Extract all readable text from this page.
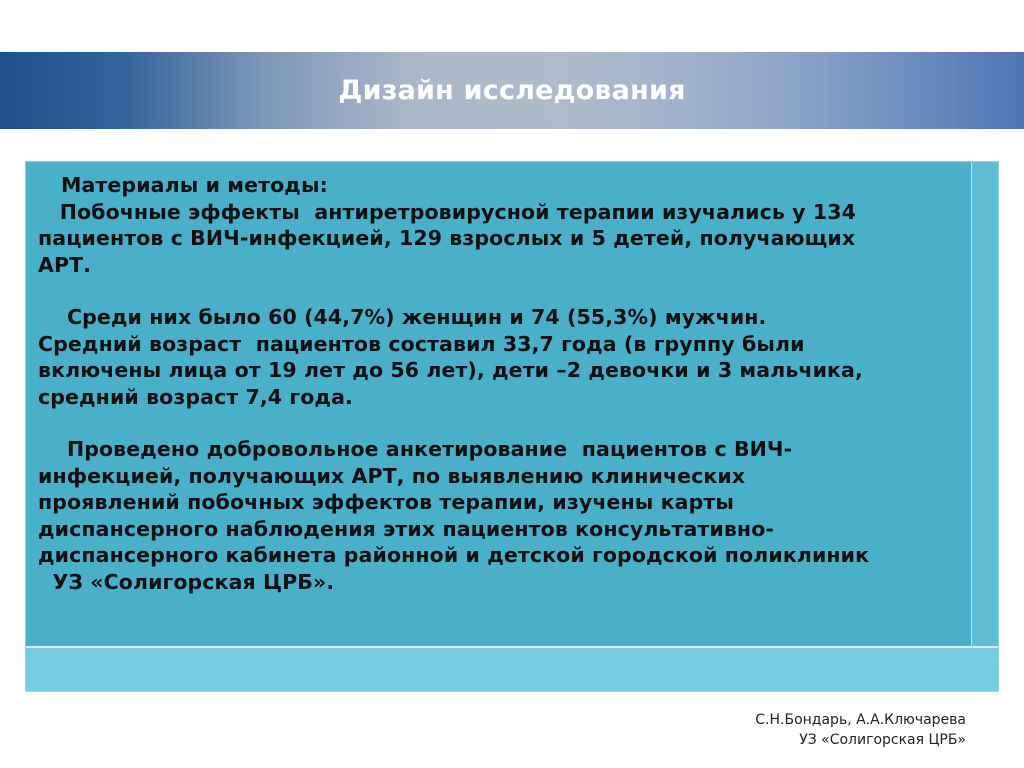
Дизайн исследования
Материалы и методы:

Побочные эффекты  антиретровирусной терапии изучались у 134
пациентов с ВИЧ-инфекцией, 129 взрослых и 5 детей, получающих
АРТ.

Среди них было 60 (44,7%) женщин и 74 (55,3%) мужчин.
Средний возраст  пациентов составил 33,7 года (в группу были
включены лица от 19 лет до 56 лет), дети –2 девочки и 3 мальчика,
средний возраст 7,4 года.

Проведено добровольное анкетирование  пациентов с ВИЧ-
инфекцией, получающих АРТ, по выявлению клинических
проявлений побочных эффектов терапии, изучены карты
диспансерного наблюдения этих пациентов консультативно-
диспансерного кабинета районной и детской городской поликлиник
УЗ «Солигорская ЦРБ».

С.Н.Бондарь, А.А.Ключарева
УЗ «Солигорская ЦРБ»
